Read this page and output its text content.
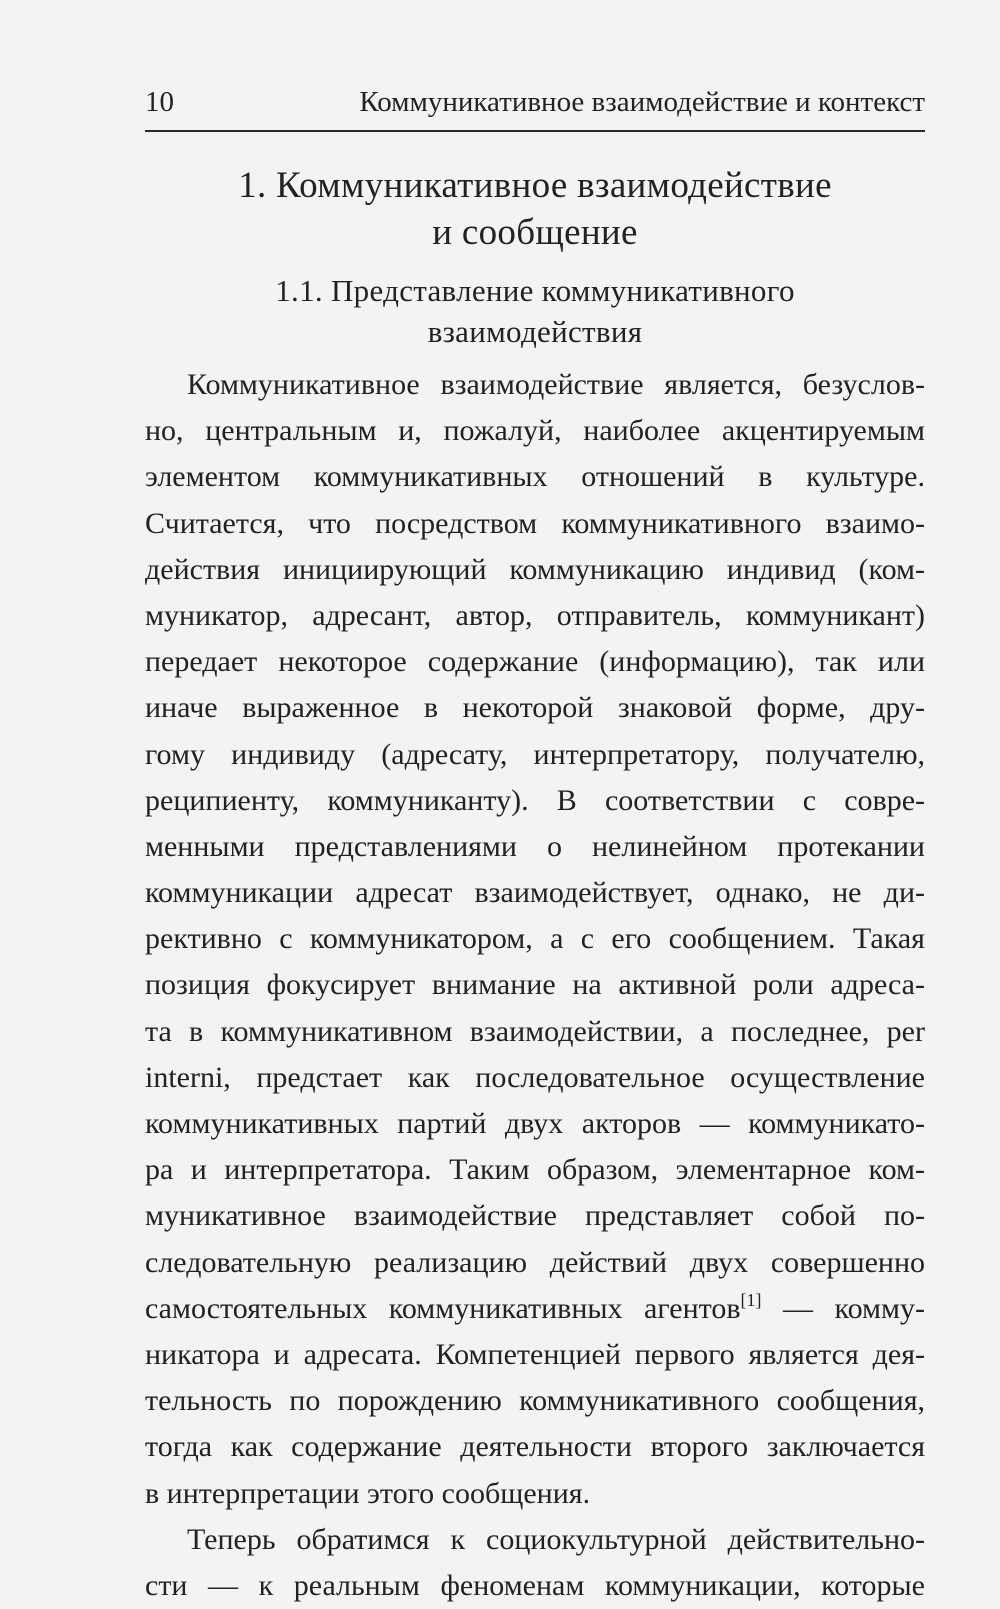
10	Коммуникативное взаимодействие и контекст
1. Коммуникативное взаимодействие
и сообщение
1.1. Представление коммуникативного
взаимодействия
Коммуникативное взаимодействие является, безуслов-
но, центральным и, пожалуй, наиболее акцентируемым
элементом коммуникативных отношений в культуре.
Считается, что посредством коммуникативного взаимо-
действия инициирующий коммуникацию индивид (ком-
муникатор, адресант, автор, отправитель, коммуникант)
передает некоторое содержание (информацию), так или
иначе выраженное в некоторой знаковой форме, дру-
гому индивиду (адресату, интерпретатору, получателю,
реципиенту, коммуниканту). В соответствии с совре-
менными представлениями о нелинейном протекании
коммуникации адресат взаимодействует, однако, не ди-
рективно с коммуникатором, а с его сообщением. Такая
позиция фокусирует внимание на активной роли адреса-
та в коммуникативном взаимодействии, а последнее, per
interni, предстает как последовательное осуществление
коммуникативных партий двух акторов — коммуникато-
ра и интерпретатора. Таким образом, элементарное ком-
муникативное взаимодействие представляет собой по-
следовательную реализацию действий двух совершенно
самостоятельных коммуникативных агентов[1] — комму-
никатора и адресата. Компетенцией первого является дея-
тельность по порождению коммуникативного сообщения,
тогда как содержание деятельности второго заключается
в интерпретации этого сообщения.
Теперь обратимся к социокультурной действительно-
сти — к реальным феноменам коммуникации, которые
